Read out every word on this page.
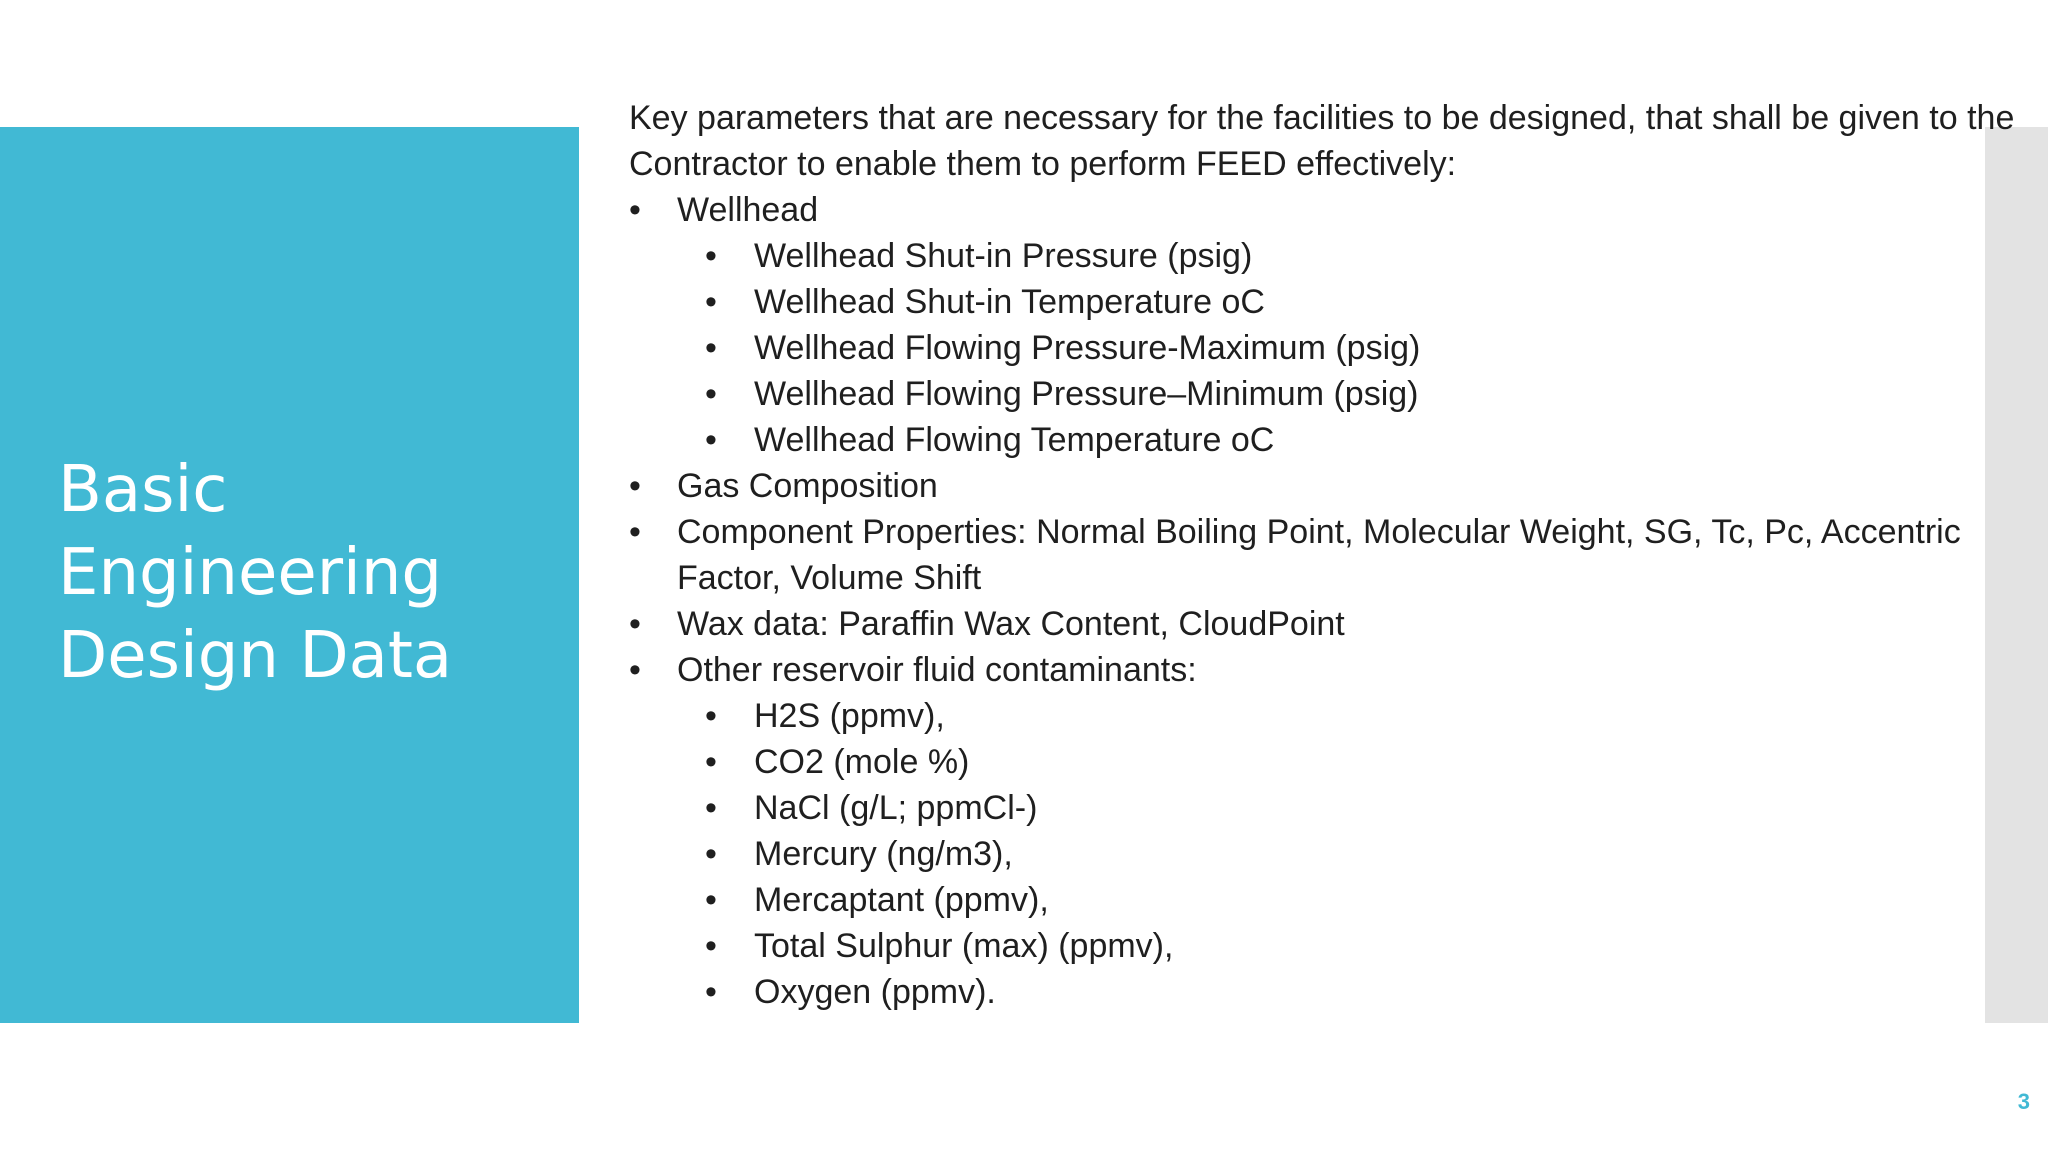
Basic Engineering Design Data

Key parameters that are necessary for the facilities to be designed, that shall be given to the Contractor to enable them to perform FEED effectively:

• Wellhead
• Wellhead Shut-in Pressure (psig)
• Wellhead Shut-in Temperature oC
• Wellhead Flowing Pressure-Maximum (psig)
• Wellhead Flowing Pressure–Minimum (psig)
• Wellhead Flowing Temperature oC
• Gas Composition
• Component Properties: Normal Boiling Point, Molecular Weight, SG, Tc, Pc, Accentric Factor, Volume Shift
• Wax data: Paraffin Wax Content, CloudPoint
• Other reservoir fluid contaminants:
• H2S (ppmv),
• CO2 (mole %)
• NaCl (g/L; ppmCl-)
• Mercury (ng/m3),
• Mercaptant (ppmv),
• Total Sulphur (max) (ppmv),
• Oxygen (ppmv).
3
